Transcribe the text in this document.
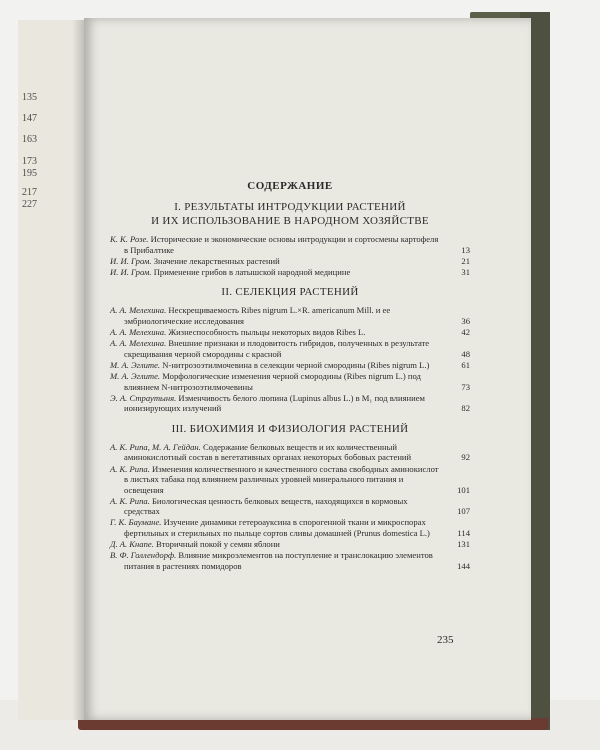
135
147
163
173
195
217
227
СОДЕРЖАНИЕ
I. РЕЗУЛЬТАТЫ ИНТРОДУКЦИИ РАСТЕНИЙ
И ИХ ИСПОЛЬЗОВАНИЕ В НАРОДНОМ ХОЗЯЙСТВЕ
К. К. Розе. Исторические и экономические основы интродукции и сортосмены картофеля в Прибалтике	13
И. И. Гром. Значение лекарственных растений	21
И. И. Гром. Применение грибов в латышской народной медицине	31
II. СЕЛЕКЦИЯ РАСТЕНИЙ
А. А. Мелехина. Нескрещиваемость Ribes nigrum L.×R. americanum Mill. и ее эмбриологические исследования	36
А. А. Мелехина. Жизнеспособность пыльцы некоторых видов Ribes L.	42
А. А. Мелехина. Внешние признаки и плодовитость гибридов, полученных в результате скрещивания черной смородины с красной	48
М. А. Эглите. N-нитрозоэтилмочевина в селекции черной смородины (Ribes nigrum L.)	61
М. А. Эглите. Морфологические изменения черной смородины (Ribes nigrum L.) под влиянием N-нитрозоэтилмочевины	73
Э. А. Страутыня. Изменчивость белого люпина (Lupinus albus L.) в M₁ под влиянием ионизирующих излучений	82
III. БИОХИМИЯ И ФИЗИОЛОГИЯ РАСТЕНИЙ
А. К. Рипа, М. А. Гейдан. Содержание белковых веществ и их количественный аминокислотный состав в вегетативных органах некоторых бобовых растений	92
А. К. Рипа. Изменения количественного и качественного состава свободных аминокислот в листьях табака под влиянием различных уровней минерального питания и освещения	101
А. К. Рипа. Биологическая ценность белковых веществ, находящихся в кормовых средствах	107
Г. К. Бауманe. Изучение динамики гетероауксина в спорогенной ткани и микроспорах фертильных и стерильных по пыльце сортов сливы домашней (Prunus domestica L.)	114
Д. А. Кнапе. Вторичный покой у семян яблони	131
В. Ф. Голлендорф. Влияние микроэлементов на поступление и транслокацию элементов питания в растениях помидоров	144
235
